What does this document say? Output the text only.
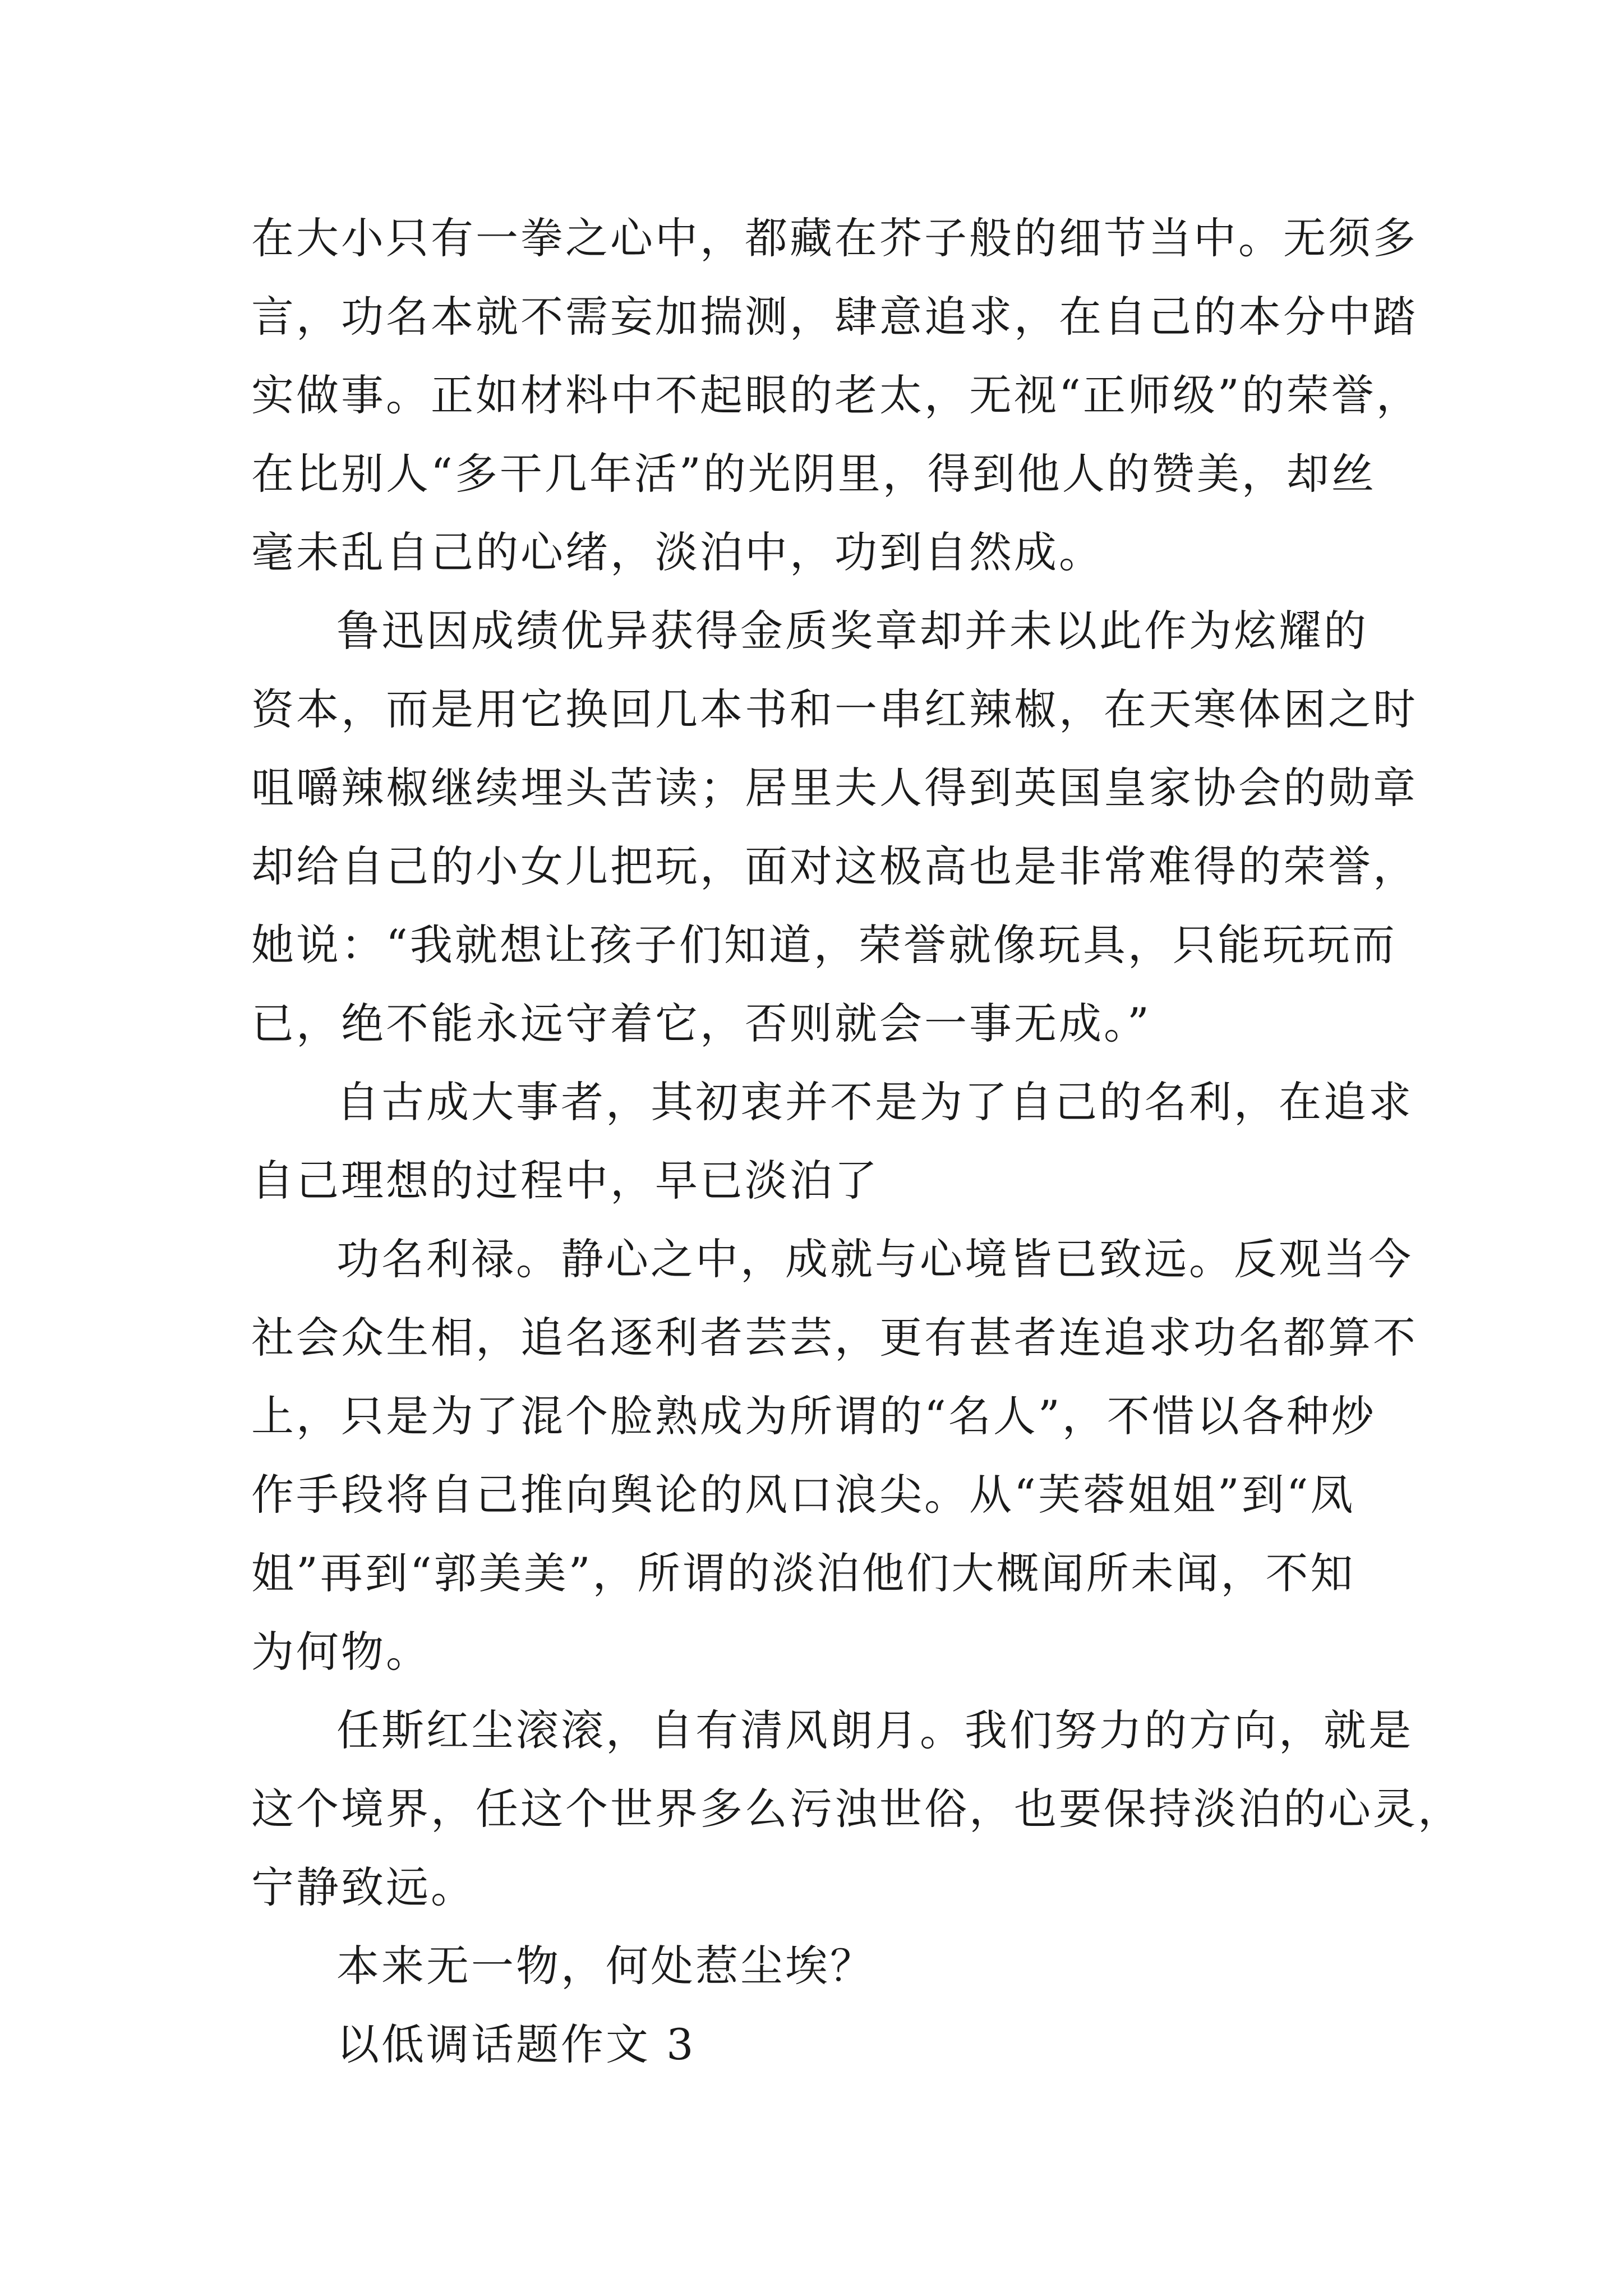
在大小只有一拳之心中，都藏在芥子般的细节当中。无须多
言，功名本就不需妄加揣测，肆意追求，在自己的本分中踏
实做事。正如材料中不起眼的老太，无视“正师级”的荣誉，
在比别人“多干几年活”的光阴里，得到他人的赞美，却丝
毫未乱自己的心绪，淡泊中，功到自然成。
鲁迅因成绩优异获得金质奖章却并未以此作为炫耀的
资本，而是用它换回几本书和一串红辣椒，在天寒体困之时
咀嚼辣椒继续埋头苦读；居里夫人得到英国皇家协会的勋章
却给自己的小女儿把玩，面对这极高也是非常难得的荣誉，
她说：“我就想让孩子们知道，荣誉就像玩具，只能玩玩而
已，绝不能永远守着它，否则就会一事无成。”
自古成大事者，其初衷并不是为了自己的名利，在追求
自己理想的过程中，早已淡泊了
功名利禄。静心之中，成就与心境皆已致远。反观当今
社会众生相，追名逐利者芸芸，更有甚者连追求功名都算不
上，只是为了混个脸熟成为所谓的“名人”，不惜以各种炒
作手段将自己推向舆论的风口浪尖。从“芙蓉姐姐”到“凤
姐”再到“郭美美”，所谓的淡泊他们大概闻所未闻，不知
为何物。
任斯红尘滚滚，自有清风朗月。我们努力的方向，就是
这个境界，任这个世界多么污浊世俗，也要保持淡泊的心灵，
宁静致远。
本来无一物，何处惹尘埃？
以低调话题作文 3
